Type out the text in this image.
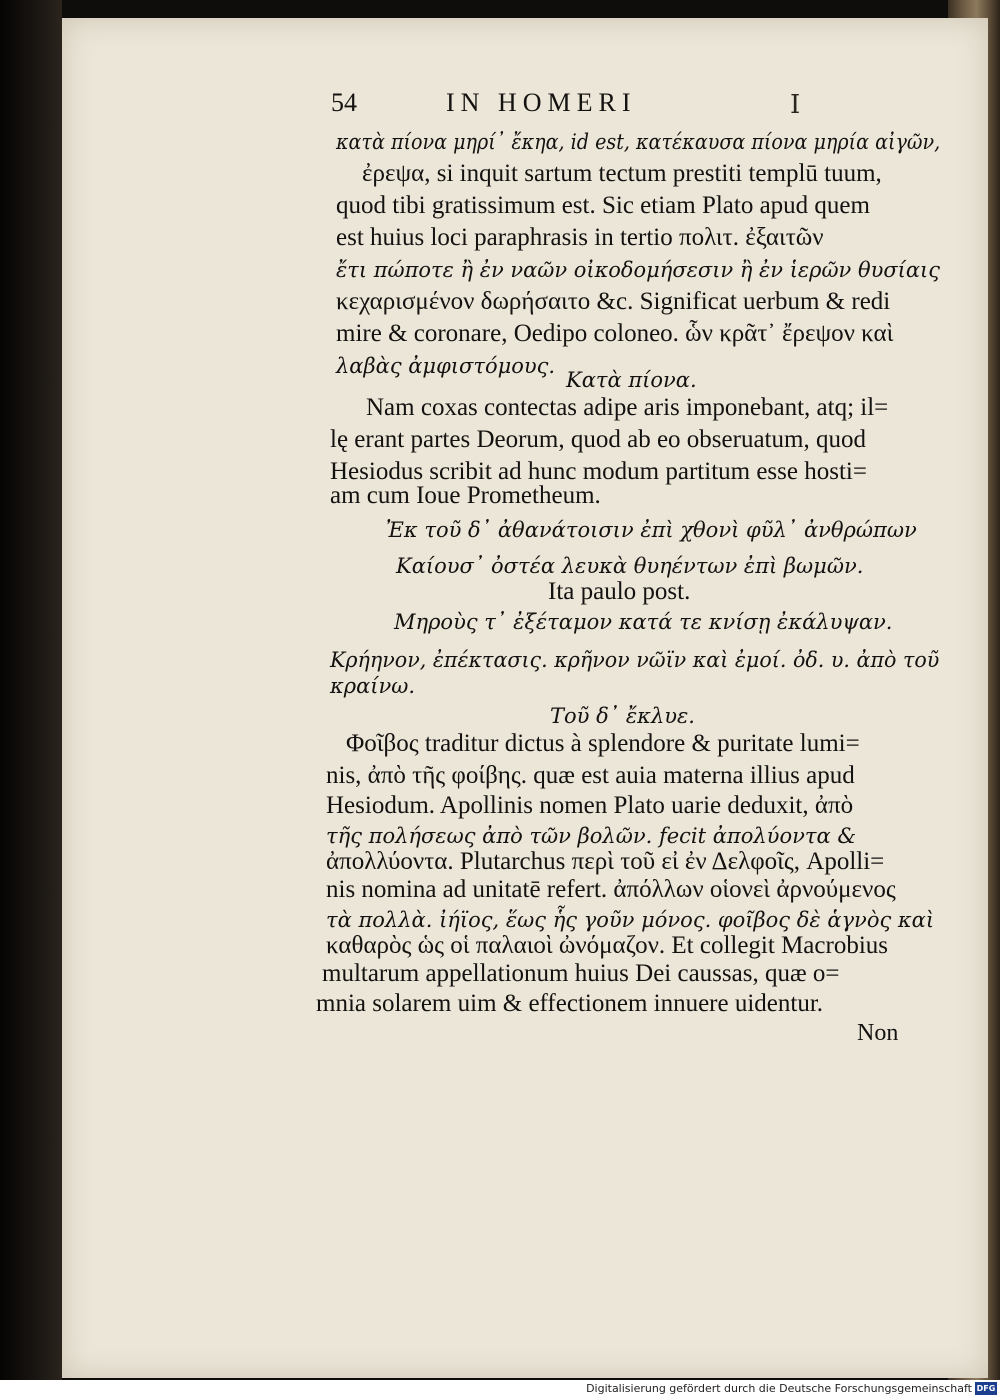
54	IN HOMERI	I
κατὰ πίονα μηρί᾽ ἔκηα, id est, κατέκαυσα πίονα μηρία αἰγῶν,
ἐρεψα, si inquit sartum tectum prestiti templū tuum,
quod tibi gratissimum est. Sic etiam Plato apud quem
est huius loci paraphrasis in tertio πολιτ. ἐξαιτῶν
ἔτι πώποτε ἢ ἐν ναῶν οἰκοδομήσεσιν ἢ ἐν ἱερῶν θυσίαις
κεχαρισμένον δωρήσαιτο &c. Significat uerbum & redi
mire & coronare, Oedipo coloneo. ὧν κρᾶτ᾽ ἔρεψον καὶ
λαβὰς ἀμφιστόμους.
Κατὰ πίονα.
Nam coxas contectas adipe aris imponebant, atq; il=
lę erant partes Deorum, quod ab eo obseruatum, quod
Hesiodus scribit ad hunc modum partitum esse hosti=
am cum Ioue Prometheum.
Ἐκ τοῦ δ᾽ ἀθανάτοισιν ἐπὶ χθονὶ φῦλ᾽ ἀνθρώπων
Καίουσ᾽ ὀστέα λευκὰ θυηέντων ἐπὶ βωμῶν.
Ita paulo post.
Μηροὺς τ᾽ ἐξέταμον κατά τε κνίσῃ ἐκάλυψαν.
Κρήηνον, ἐπέκτασις. κρῆνον νῶϊν καὶ ἐμοί. ὀδ. υ. ἀπὸ τοῦ
κραίνω.
Τοῦ δ᾽ ἔκλυε.
Φοῖβος traditur dictus à splendore & puritate lumi=
nis, ἀπὸ τῆς φοίβης. quæ est auia materna illius apud
Hesiodum. Apollinis nomen Plato uarie deduxit, ἀπὸ
τῆς πολήσεως ἀπὸ τῶν βολῶν. fecit ἀπολύοντα &
ἀπολλύοντα. Plutarchus περὶ τοῦ εἰ ἐν Δελφοῖς, Apolli=
nis nomina ad unitatē refert. ἀπόλλων οἱονεὶ ἀρνούμενος
τὰ πολλὰ. ἰήϊος, ἕως ἧς γοῦν μόνος. φοῖβος δὲ ἁγνὸς καὶ
καθαρὸς ὡς οἱ παλαιοὶ ὠνόμαζον. Et collegit Macrobius
multarum appellationum huius Dei caussas, quæ o=
mnia solarem uim & effectionem innuere uidentur.
Non
Digitalisierung gefördert durch die Deutsche Forschungsgemeinschaft DFG
